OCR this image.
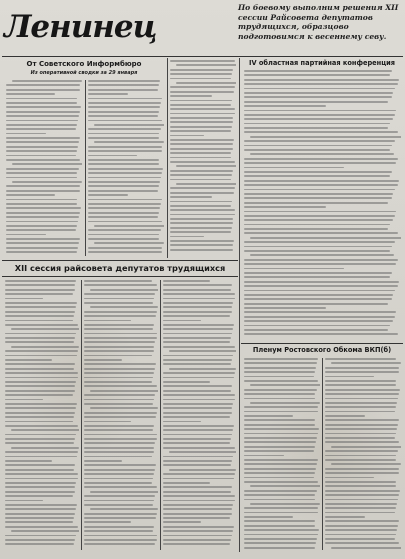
Ленинец
По боевому выполним решения XII сессии Райсовета депутатов трудящихся, образцово подготовимся к весеннему севу.
От Советского Информбюро
Из оперативной сводки за 29 января
IV областная партийная конференция
Пленум Ростовского Обкома ВКП(б)
XII сессия райсовета депутатов трудящихся
